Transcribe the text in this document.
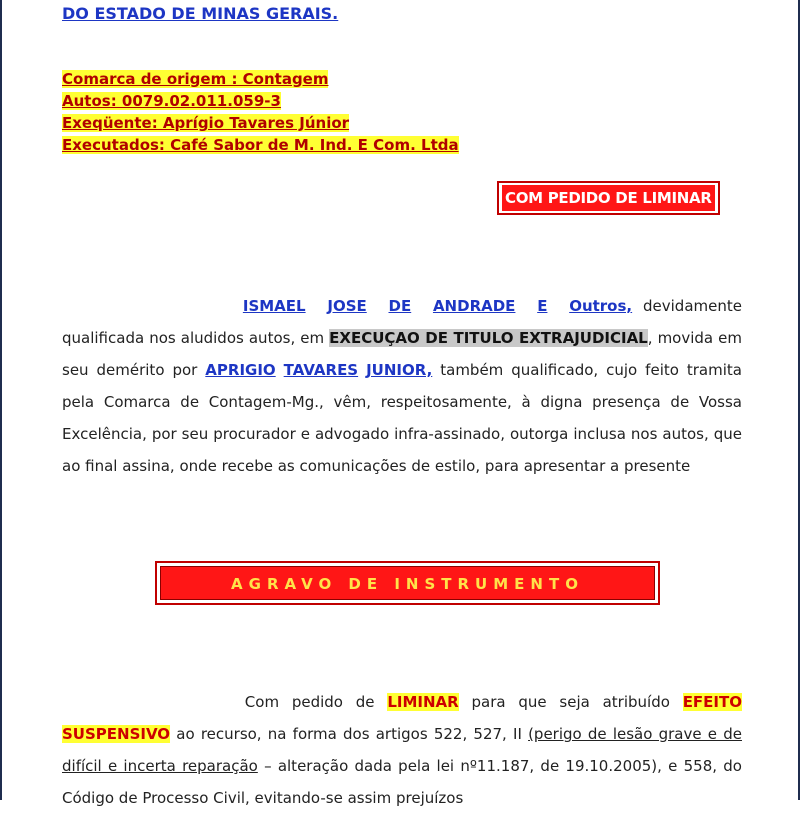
DO ESTADO DE MINAS GERAIS.
Comarca de origem : Contagem
Autos: 0079.02.011.059-3
Exeqüente: Aprígio Tavares Júnior
Executados: Café Sabor de M. Ind. E Com. Ltda
COM PEDIDO DE LIMINAR
ISMAEL JOSE DE ANDRADE E Outros, devidamente qualificada nos aludidos autos, em EXECUÇAO DE TITULO EXTRAJUDICIAL, movida em seu demérito por APRIGIO TAVARES JUNIOR, também qualificado, cujo feito tramita pela Comarca de Contagem-Mg., vêm, respeitosamente, à digna presença de Vossa Excelência, por seu procurador e advogado infra-assinado, outorga inclusa nos autos, que ao final assina, onde recebe as comunicações de estilo, para apresentar a presente
AGRAVO DE INSTRUMENTO
Com pedido de LIMINAR para que seja atribuído EFEITO SUSPENSIVO ao recurso, na forma dos artigos 522, 527, II (perigo de lesão grave e de difícil e incerta reparação – alteração dada pela lei nº11.187, de 19.10.2005), e 558, do Código de Processo Civil, evitando-se assim prejuízos
